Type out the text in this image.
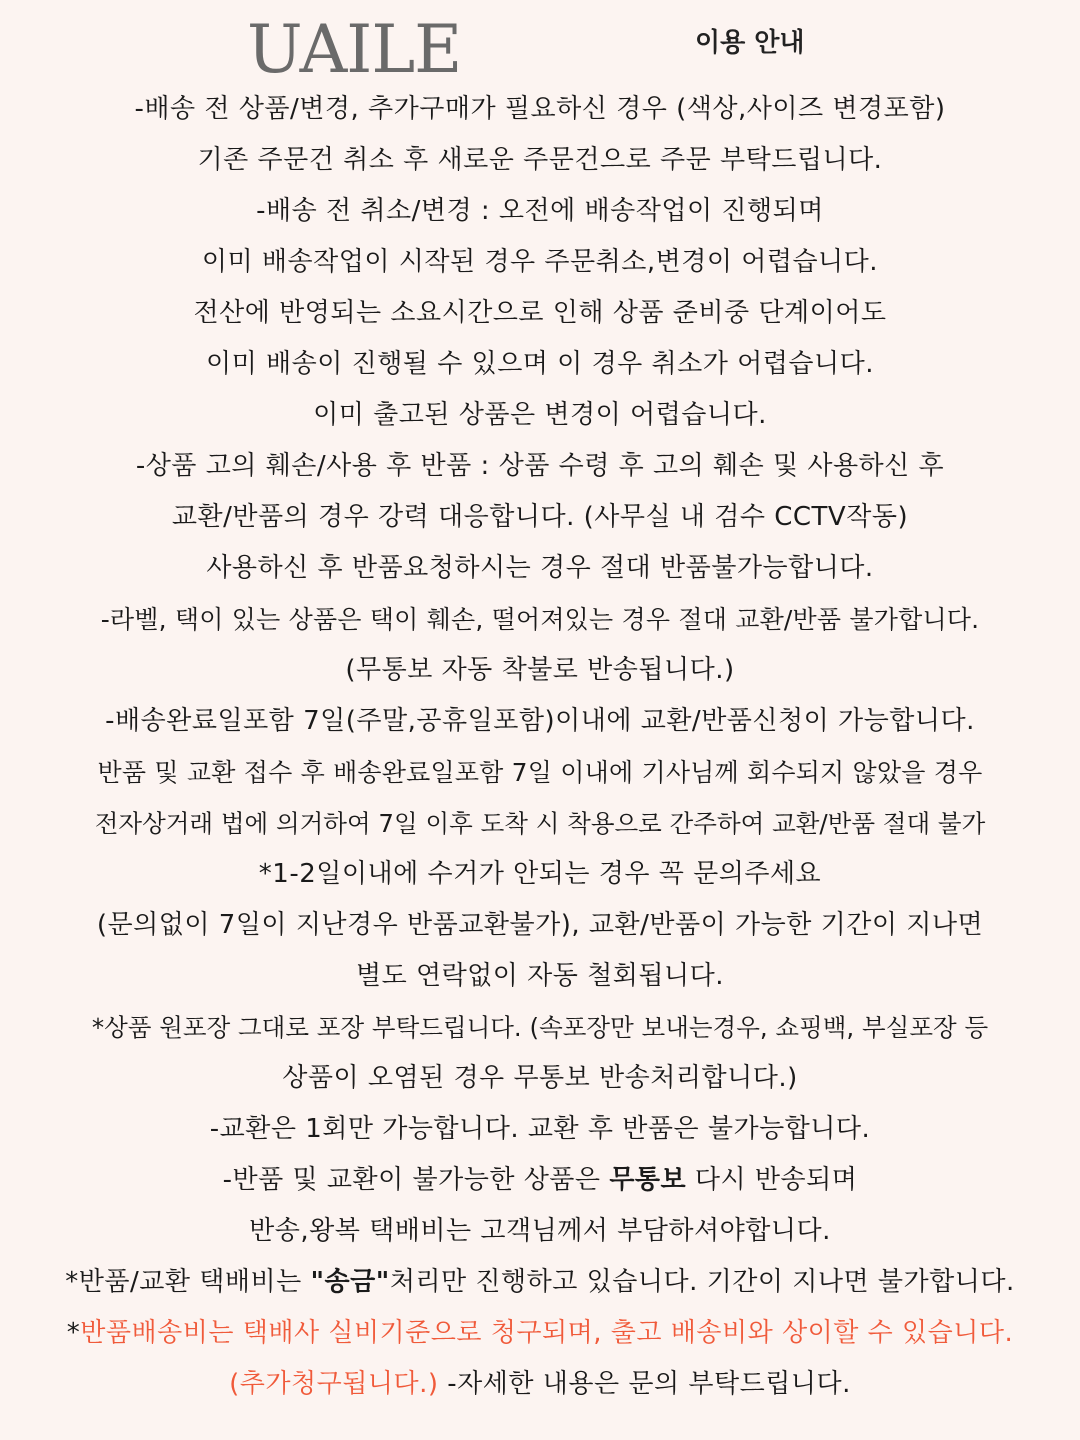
UAILE	이용 안내
-배송 전 상품/변경, 추가구매가 필요하신 경우 (색상,사이즈 변경포함)
기존 주문건 취소 후 새로운 주문건으로 주문 부탁드립니다.
-배송 전 취소/변경 : 오전에 배송작업이 진행되며
이미 배송작업이 시작된 경우 주문취소,변경이 어렵습니다.
전산에 반영되는 소요시간으로 인해 상품 준비중 단계이어도
이미 배송이 진행될 수 있으며 이 경우 취소가 어렵습니다.
이미 출고된 상품은 변경이 어렵습니다.
-상품 고의 훼손/사용 후 반품 : 상품 수령 후 고의 훼손 및 사용하신 후
교환/반품의 경우 강력 대응합니다. (사무실 내 검수 CCTV작동)
사용하신 후 반품요청하시는 경우 절대 반품불가능합니다.
-라벨, 택이 있는 상품은 택이 훼손, 떨어져있는 경우 절대 교환/반품 불가합니다.
(무통보 자동 착불로 반송됩니다.)
-배송완료일포함 7일(주말,공휴일포함)이내에 교환/반품신청이 가능합니다.
반품 및 교환 접수 후 배송완료일포함 7일 이내에 기사님께 회수되지 않았을 경우
전자상거래 법에 의거하여 7일 이후 도착 시 착용으로 간주하여 교환/반품 절대 불가
*1-2일이내에 수거가 안되는 경우 꼭 문의주세요
(문의없이 7일이 지난경우 반품교환불가), 교환/반품이 가능한 기간이 지나면
별도 연락없이 자동 철회됩니다.
*상품 원포장 그대로 포장 부탁드립니다. (속포장만 보내는경우, 쇼핑백, 부실포장 등
상품이 오염된 경우 무통보 반송처리합니다.)
-교환은 1회만 가능합니다. 교환 후 반품은 불가능합니다.
-반품 및 교환이 불가능한 상품은 무통보 다시 반송되며
반송,왕복 택배비는 고객님께서 부담하셔야합니다.
*반품/교환 택배비는 "송금"처리만 진행하고 있습니다. 기간이 지나면 불가합니다.
*반품배송비는 택배사 실비기준으로 청구되며, 출고 배송비와 상이할 수 있습니다.
(추가청구됩니다.) -자세한 내용은 문의 부탁드립니다.
